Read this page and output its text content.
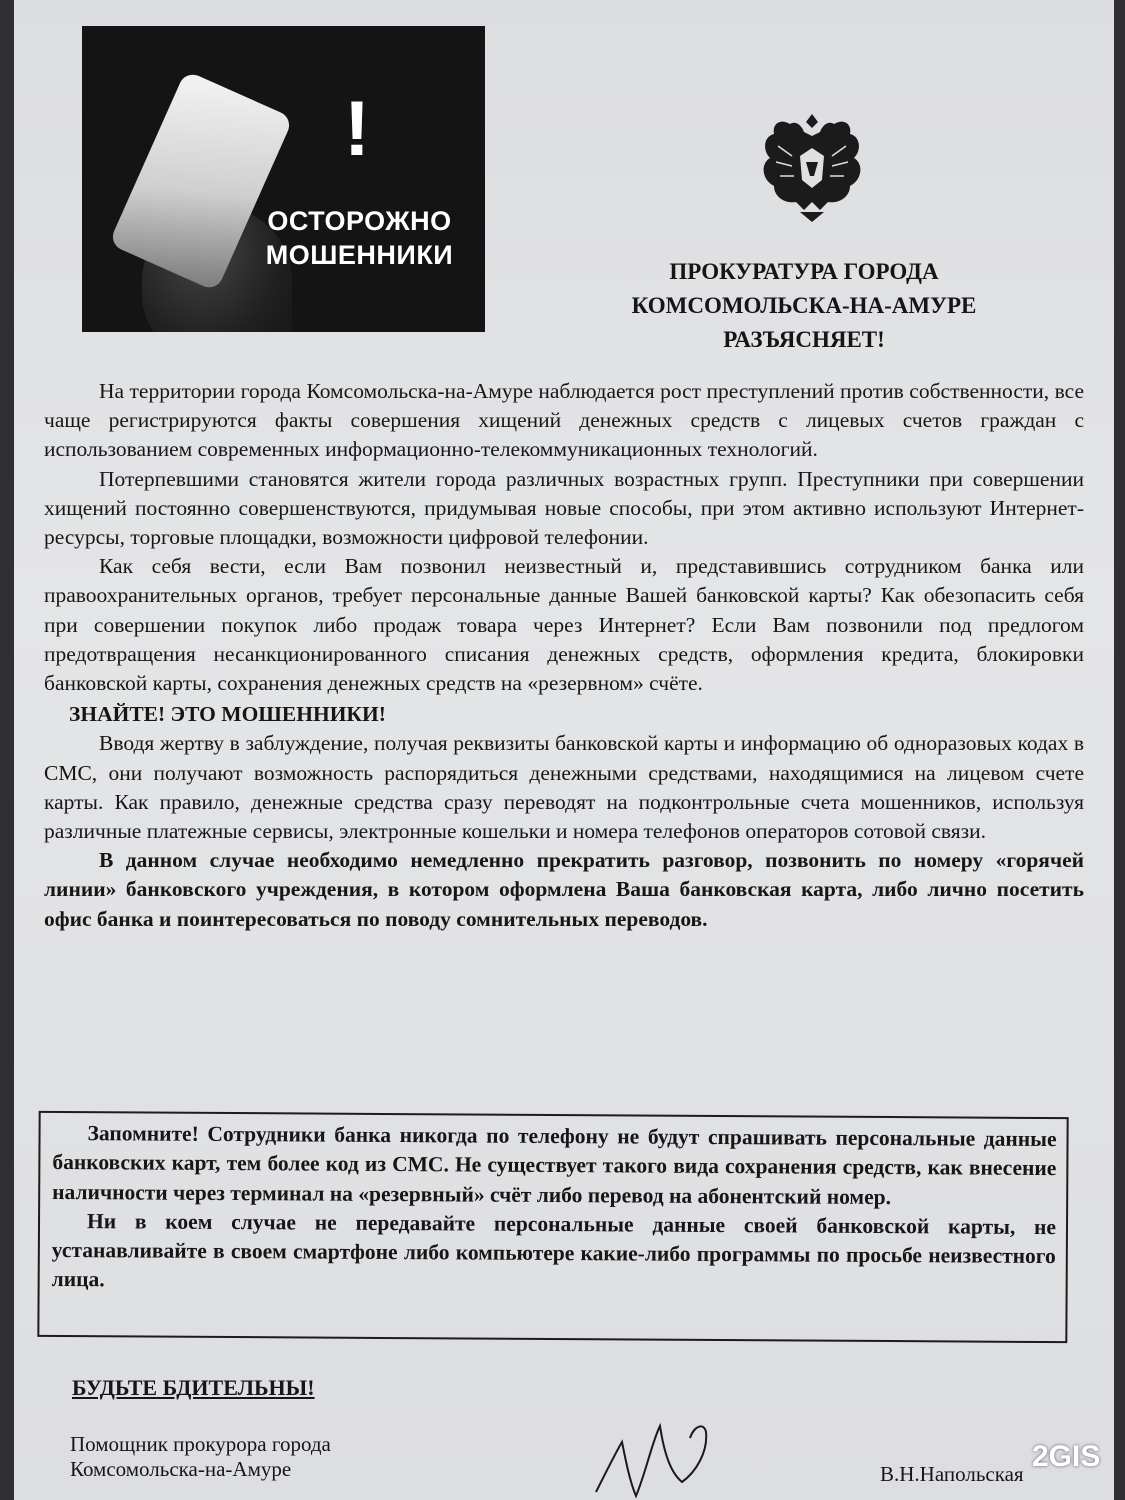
!
ОСТОРОЖНО
МОШЕННИКИ
ПРОКУРАТУРА ГОРОДА
КОМСОМОЛЬСКА-НА-АМУРЕ
РАЗЪЯСНЯЕТ!

На территории города Комсомольска-на-Амуре наблюдается рост преступлений против собственности, все чаще регистрируются факты совершения хищений денежных средств с лицевых счетов граждан с использованием современных информационно-телекоммуникационных технологий.

Потерпевшими становятся жители города различных возрастных групп. Преступники при совершении хищений постоянно совершенствуются, придумывая новые способы, при этом активно используют Интернет-ресурсы, торговые площадки, возможности цифровой телефонии.

Как себя вести, если Вам позвонил неизвестный и, представившись сотрудником банка или правоохранительных органов, требует персональные данные Вашей банковской карты? Как обезопасить себя при совершении покупок либо продаж товара через Интернет? Если Вам позвонили под предлогом предотвращения несанкционированного списания денежных средств, оформления кредита, блокировки банковской карты, сохранения денежных средств на «резервном» счёте.

ЗНАЙТЕ! ЭТО МОШЕННИКИ!

Вводя жертву в заблуждение, получая реквизиты банковской карты и информацию об одноразовых кодах в СМС, они получают возможность распорядиться денежными средствами, находящимися на лицевом счете карты. Как правило, денежные средства сразу переводят на подконтрольные счета мошенников, используя различные платежные сервисы, электронные кошельки и номера телефонов операторов сотовой связи.

В данном случае необходимо немедленно прекратить разговор, позвонить по номеру «горячей линии» банковского учреждения, в котором оформлена Ваша банковская карта, либо лично посетить офис банка и поинтересоваться по поводу сомнительных переводов.

Запомните! Сотрудники банка никогда по телефону не будут спрашивать персональные данные банковских карт, тем более код из СМС. Не существует такого вида сохранения средств, как внесение наличности через терминал на «резервный» счёт либо перевод на абонентский номер.

Ни в коем случае не передавайте персональные данные своей банковской карты, не устанавливайте в своем смартфоне либо компьютере какие-либо программы по просьбе неизвестного лица.

БУДЬТЕ БДИТЕЛЬНЫ!
Помощник прокурора города
Комсомольска-на-Амуре	В.Н.Напольская
2GIS
